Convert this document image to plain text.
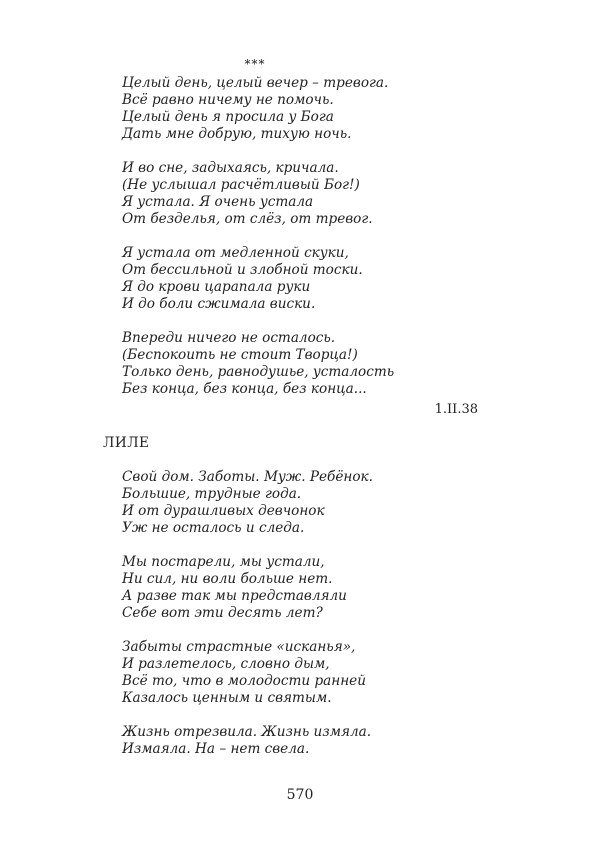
***
Целый день, целый вечер – тревога.
Всё равно ничему не помочь.
Целый день я просила у Бога
Дать мне добрую, тихую ночь.
И во сне, задыхаясь, кричала.
(Не услышал расчётливый Бог!)
Я устала. Я очень устала
От безделья, от слёз, от тревог.
Я устала от медленной скуки,
От бессильной и злобной тоски.
Я до крови царапала руки
И до боли сжимала виски.
Впереди ничего не осталось.
(Беспокоить не стоит Творца!)
Только день, равнодушье, усталость
Без конца, без конца, без конца...
1.II.38
ЛИЛЕ
Свой дом. Заботы. Муж. Ребёнок.
Большие, трудные года.
И от дурашливых девчонок
Уж не осталось и следа.
Мы постарели, мы устали,
Ни сил, ни воли больше нет.
А разве так мы представляли
Себе вот эти десять лет?
Забыты страстные «исканья»,
И разлетелось, словно дым,
Всё то, что в молодости ранней
Казалось ценным и святым.
Жизнь отрезвила. Жизнь измяла.
Измаяла. На – нет свела.
570
